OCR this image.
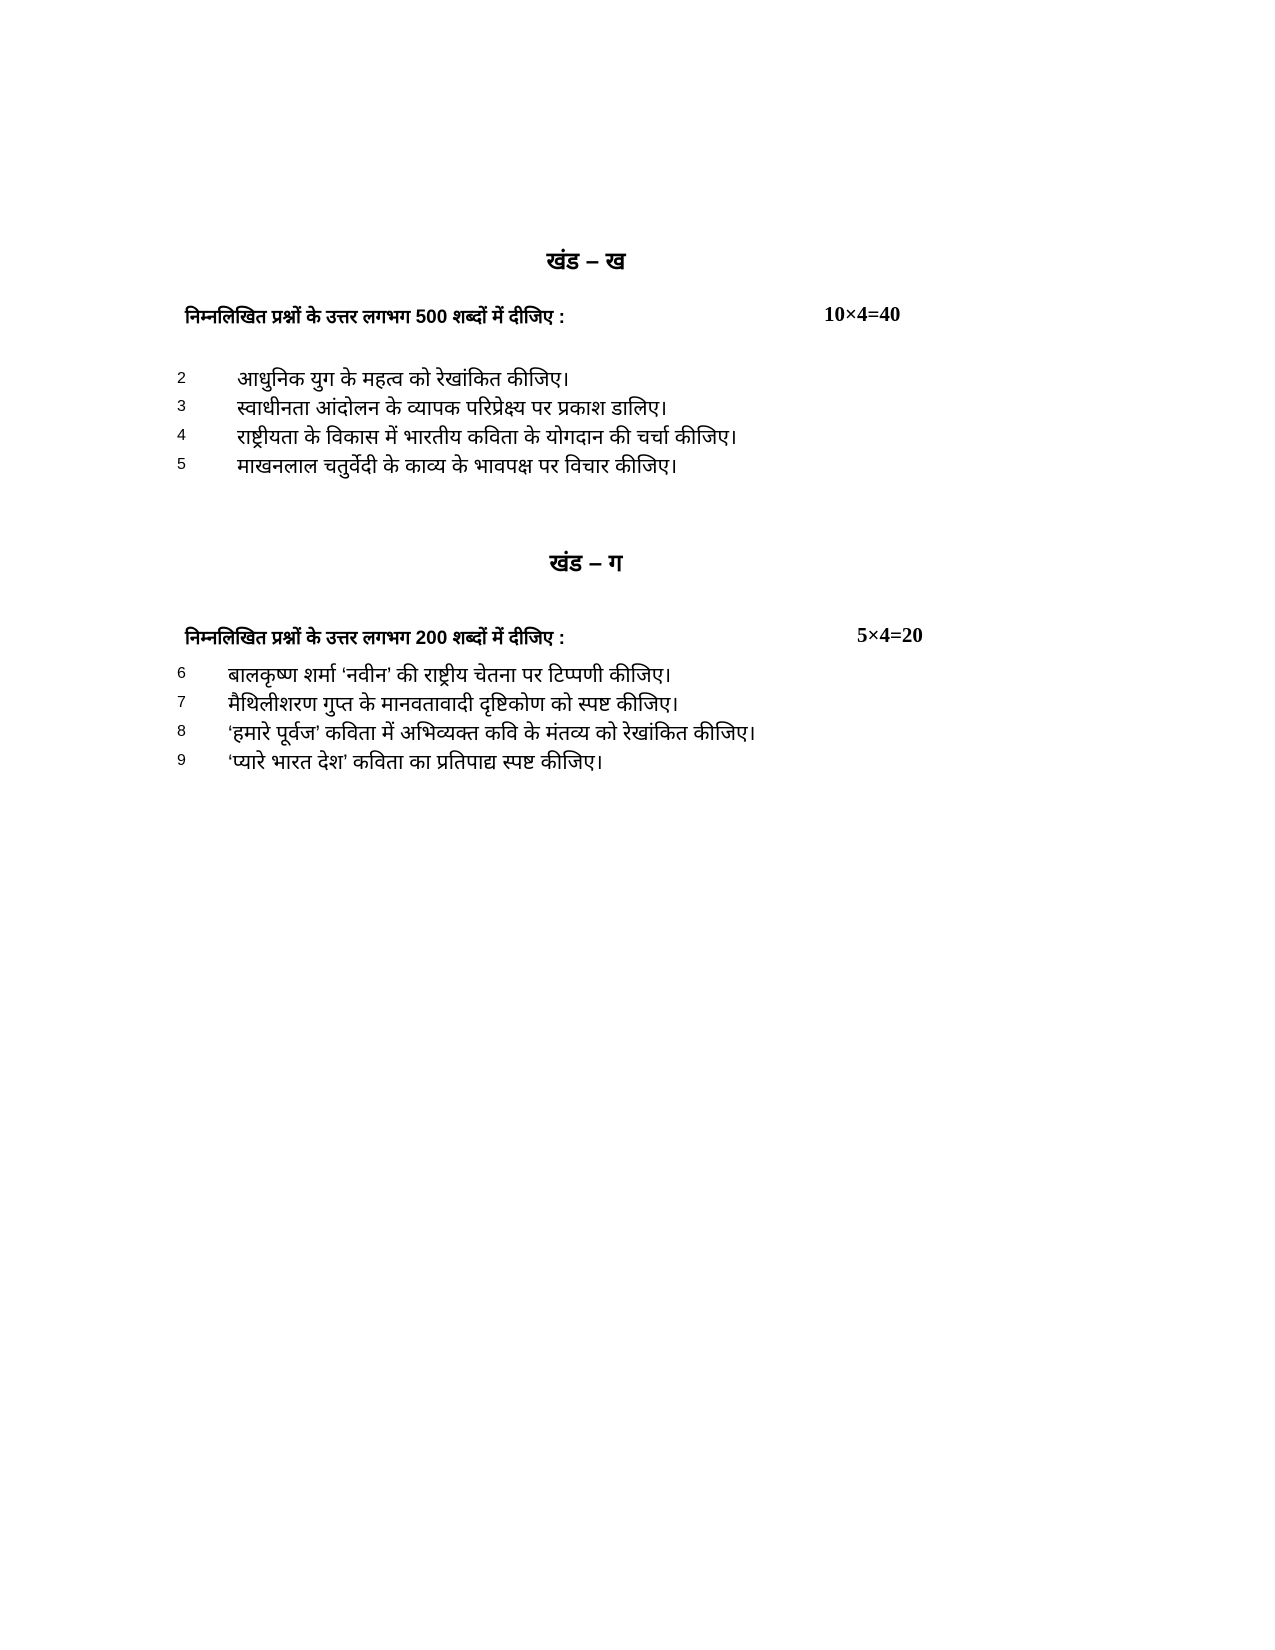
खंड – ख
निम्नलिखित प्रश्नों के उत्तर लगभग 500 शब्दों में दीजिए :	10×4=40
2 आधुनिक युग के महत्व को रेखांकित कीजिए।
3 स्वाधीनता आंदोलन के व्यापक परिप्रेक्ष्य पर प्रकाश डालिए।
4 राष्ट्रीयता के विकास में भारतीय कविता के योगदान की चर्चा कीजिए।
5 माखनलाल चतुर्वेदी के काव्य के भावपक्ष पर विचार कीजिए।
खंड – ग
निम्नलिखित प्रश्नों के उत्तर लगभग 200 शब्दों में दीजिए :	5×4=20
6 बालकृष्ण शर्मा ‘नवीन’ की राष्ट्रीय चेतना पर टिप्पणी कीजिए।
7 मैथिलीशरण गुप्त के मानवतावादी दृष्टिकोण को स्पष्ट कीजिए।
8 ‘हमारे पूर्वज’ कविता में अभिव्यक्त कवि के मंतव्य को रेखांकित कीजिए।
9 ‘प्यारे भारत देश’ कविता का प्रतिपाद्य स्पष्ट कीजिए।
